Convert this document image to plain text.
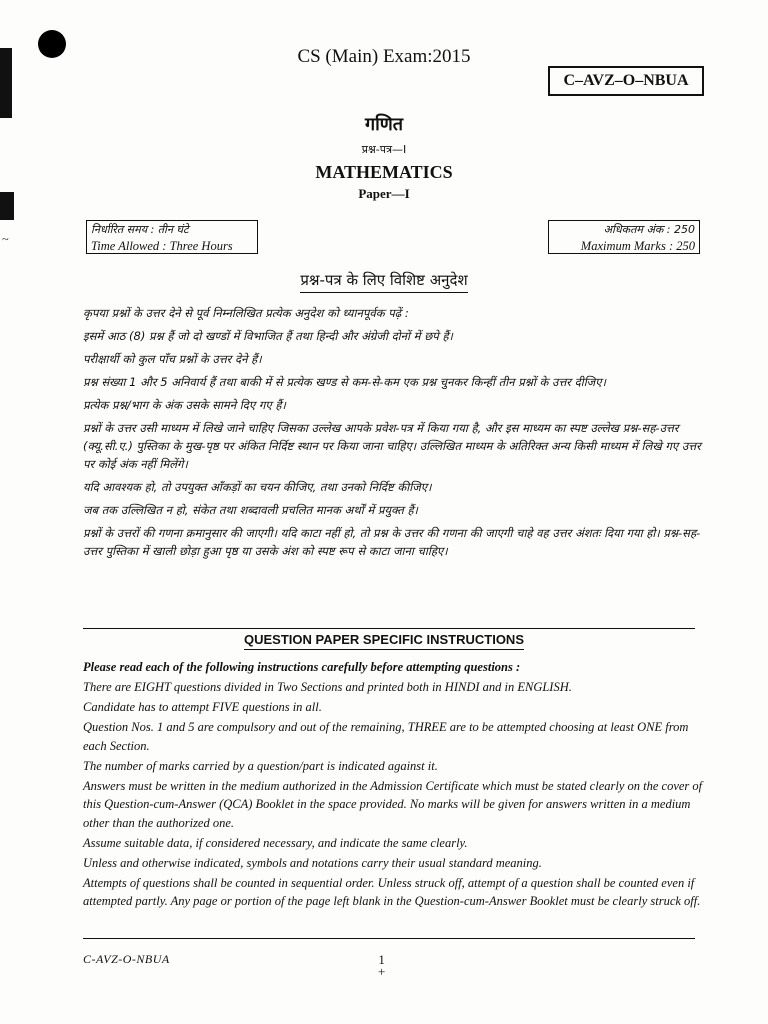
~
CS (Main) Exam:2015
C–AVZ–O–NBUA
गणित
प्रश्न-पत्र—I
MATHEMATICS
Paper—I
निर्धारित समय : तीन घंटे
Time Allowed : Three Hours
अधिकतम अंक : 250
Maximum Marks : 250
प्रश्न-पत्र के लिए विशिष्ट अनुदेश

कृपया प्रश्नों के उत्तर देने से पूर्व निम्नलिखित प्रत्येक अनुदेश को ध्यानपूर्वक पढ़ें :

इसमें आठ (8) प्रश्न हैं जो दो खण्डों में विभाजित हैं तथा हिन्दी और अंग्रेजी दोनों में छपे हैं।

परीक्षार्थी को कुल पाँच प्रश्नों के उत्तर देने हैं।

प्रश्न संख्या 1 और 5 अनिवार्य हैं तथा बाकी में से प्रत्येक खण्ड से कम-से-कम एक प्रश्न चुनकर किन्हीं तीन प्रश्नों के उत्तर दीजिए।

प्रत्येक प्रश्न/भाग के अंक उसके सामने दिए गए हैं।

प्रश्नों के उत्तर उसी माध्यम में लिखे जाने चाहिए जिसका उल्लेख आपके प्रवेश-पत्र में किया गया है, और इस माध्यम का स्पष्ट उल्लेख प्रश्न-सह-उत्तर (क्यू.सी.ए.) पुस्तिका के मुख-पृष्ठ पर अंकित निर्दिष्ट स्थान पर किया जाना चाहिए। उल्लिखित माध्यम के अतिरिक्त अन्य किसी माध्यम में लिखे गए उत्तर पर कोई अंक नहीं मिलेंगे।

यदि आवश्यक हो, तो उपयुक्त आँकड़ों का चयन कीजिए, तथा उनको निर्दिष्ट कीजिए।

जब तक उल्लिखित न हो, संकेत तथा शब्दावली प्रचलित मानक अर्थों में प्रयुक्त हैं।

प्रश्नों के उत्तरों की गणना क्रमानुसार की जाएगी। यदि काटा नहीं हो, तो प्रश्न के उत्तर की गणना की जाएगी चाहे वह उत्तर अंशतः दिया गया हो। प्रश्न-सह-उत्तर पुस्तिका में खाली छोड़ा हुआ पृष्ठ या उसके अंश को स्पष्ट रूप से काटा जाना चाहिए।

QUESTION PAPER SPECIFIC INSTRUCTIONS

Please read each of the following instructions carefully before attempting questions :

There are EIGHT questions divided in Two Sections and printed both in HINDI and in ENGLISH.

Candidate has to attempt FIVE questions in all.

Question Nos. 1 and 5 are compulsory and out of the remaining, THREE are to be attempted choosing at least ONE from each Section.

The number of marks carried by a question/part is indicated against it.

Answers must be written in the medium authorized in the Admission Certificate which must be stated clearly on the cover of this Question-cum-Answer (QCA) Booklet in the space provided. No marks will be given for answers written in a medium other than the authorized one.

Assume suitable data, if considered necessary, and indicate the same clearly.

Unless and otherwise indicated, symbols and notations carry their usual standard meaning.

Attempts of questions shall be counted in sequential order. Unless struck off, attempt of a question shall be counted even if attempted partly. Any page or portion of the page left blank in the Question-cum-Answer Booklet must be clearly struck off.

C-AVZ-O-NBUA	1
+
